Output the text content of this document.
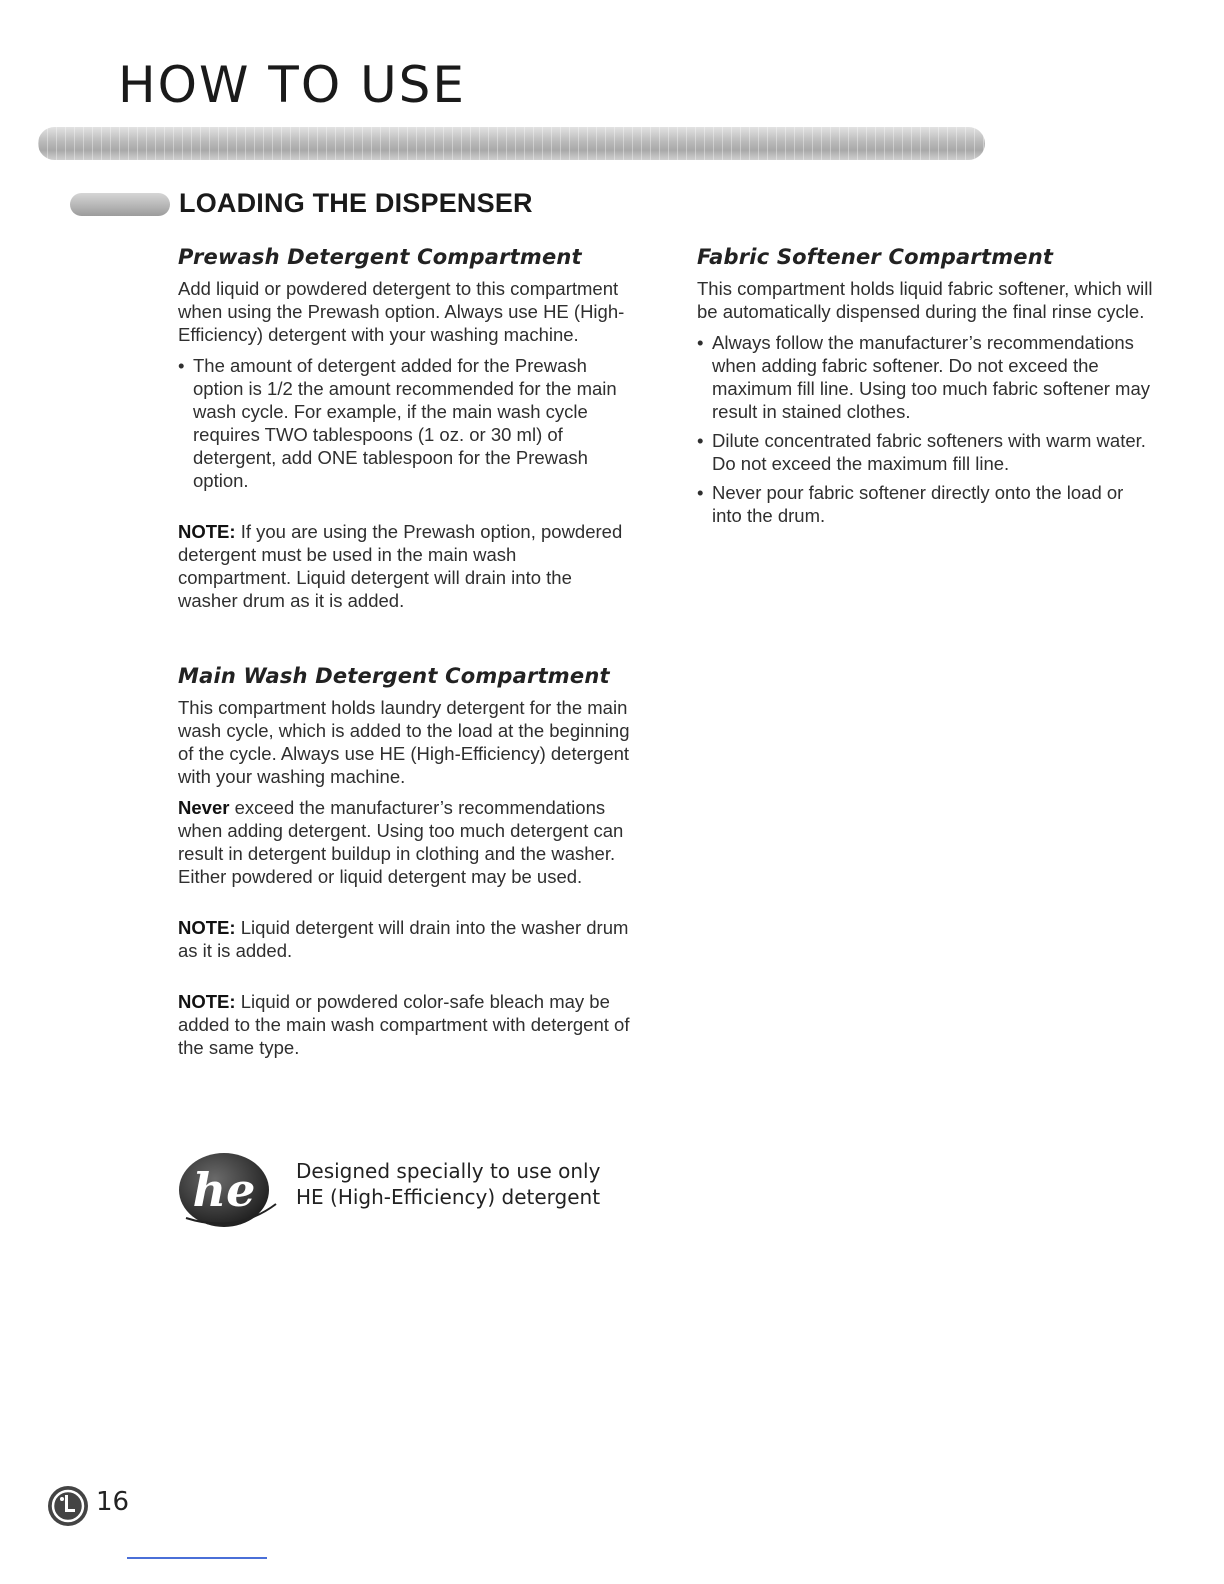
HOW TO USE
LOADING THE DISPENSER
Prewash Detergent Compartment

Add liquid or powdered detergent to this compartment when using the Prewash option. Always use HE (High-Efficiency) detergent with your washing machine.

• The amount of detergent added for the Prewash option is 1/2 the amount recommended for the main wash cycle. For example, if the main wash cycle requires TWO tablespoons (1 oz. or 30 ml) of detergent, add ONE tablespoon for the Prewash option.

NOTE: If you are using the Prewash option, powdered detergent must be used in the main wash compartment. Liquid detergent will drain into the washer drum as it is added.

Main Wash Detergent Compartment

This compartment holds laundry detergent for the main wash cycle, which is added to the load at the beginning of the cycle. Always use HE (High-Efficiency) detergent with your washing machine.

Never exceed the manufacturer’s recommendations when adding detergent. Using too much detergent can result in detergent buildup in clothing and the washer. Either powdered or liquid detergent may be used.

NOTE: Liquid detergent will drain into the washer drum as it is added.

NOTE: Liquid or powdered color-safe bleach may be added to the main wash compartment with detergent of the same type.

Fabric Softener Compartment

This compartment holds liquid fabric softener, which will be automatically dispensed during the final rinse cycle.

• Always follow the manufacturer’s recommendations when adding fabric softener. Do not exceed the maximum fill line. Using too much fabric softener may result in stained clothes.
• Dilute concentrated fabric softeners with warm water. Do not exceed the maximum fill line.
• Never pour fabric softener directly onto the load or into the drum.
he Designed specially to use only
HE (High-Efficiency) detergent
LG 16
